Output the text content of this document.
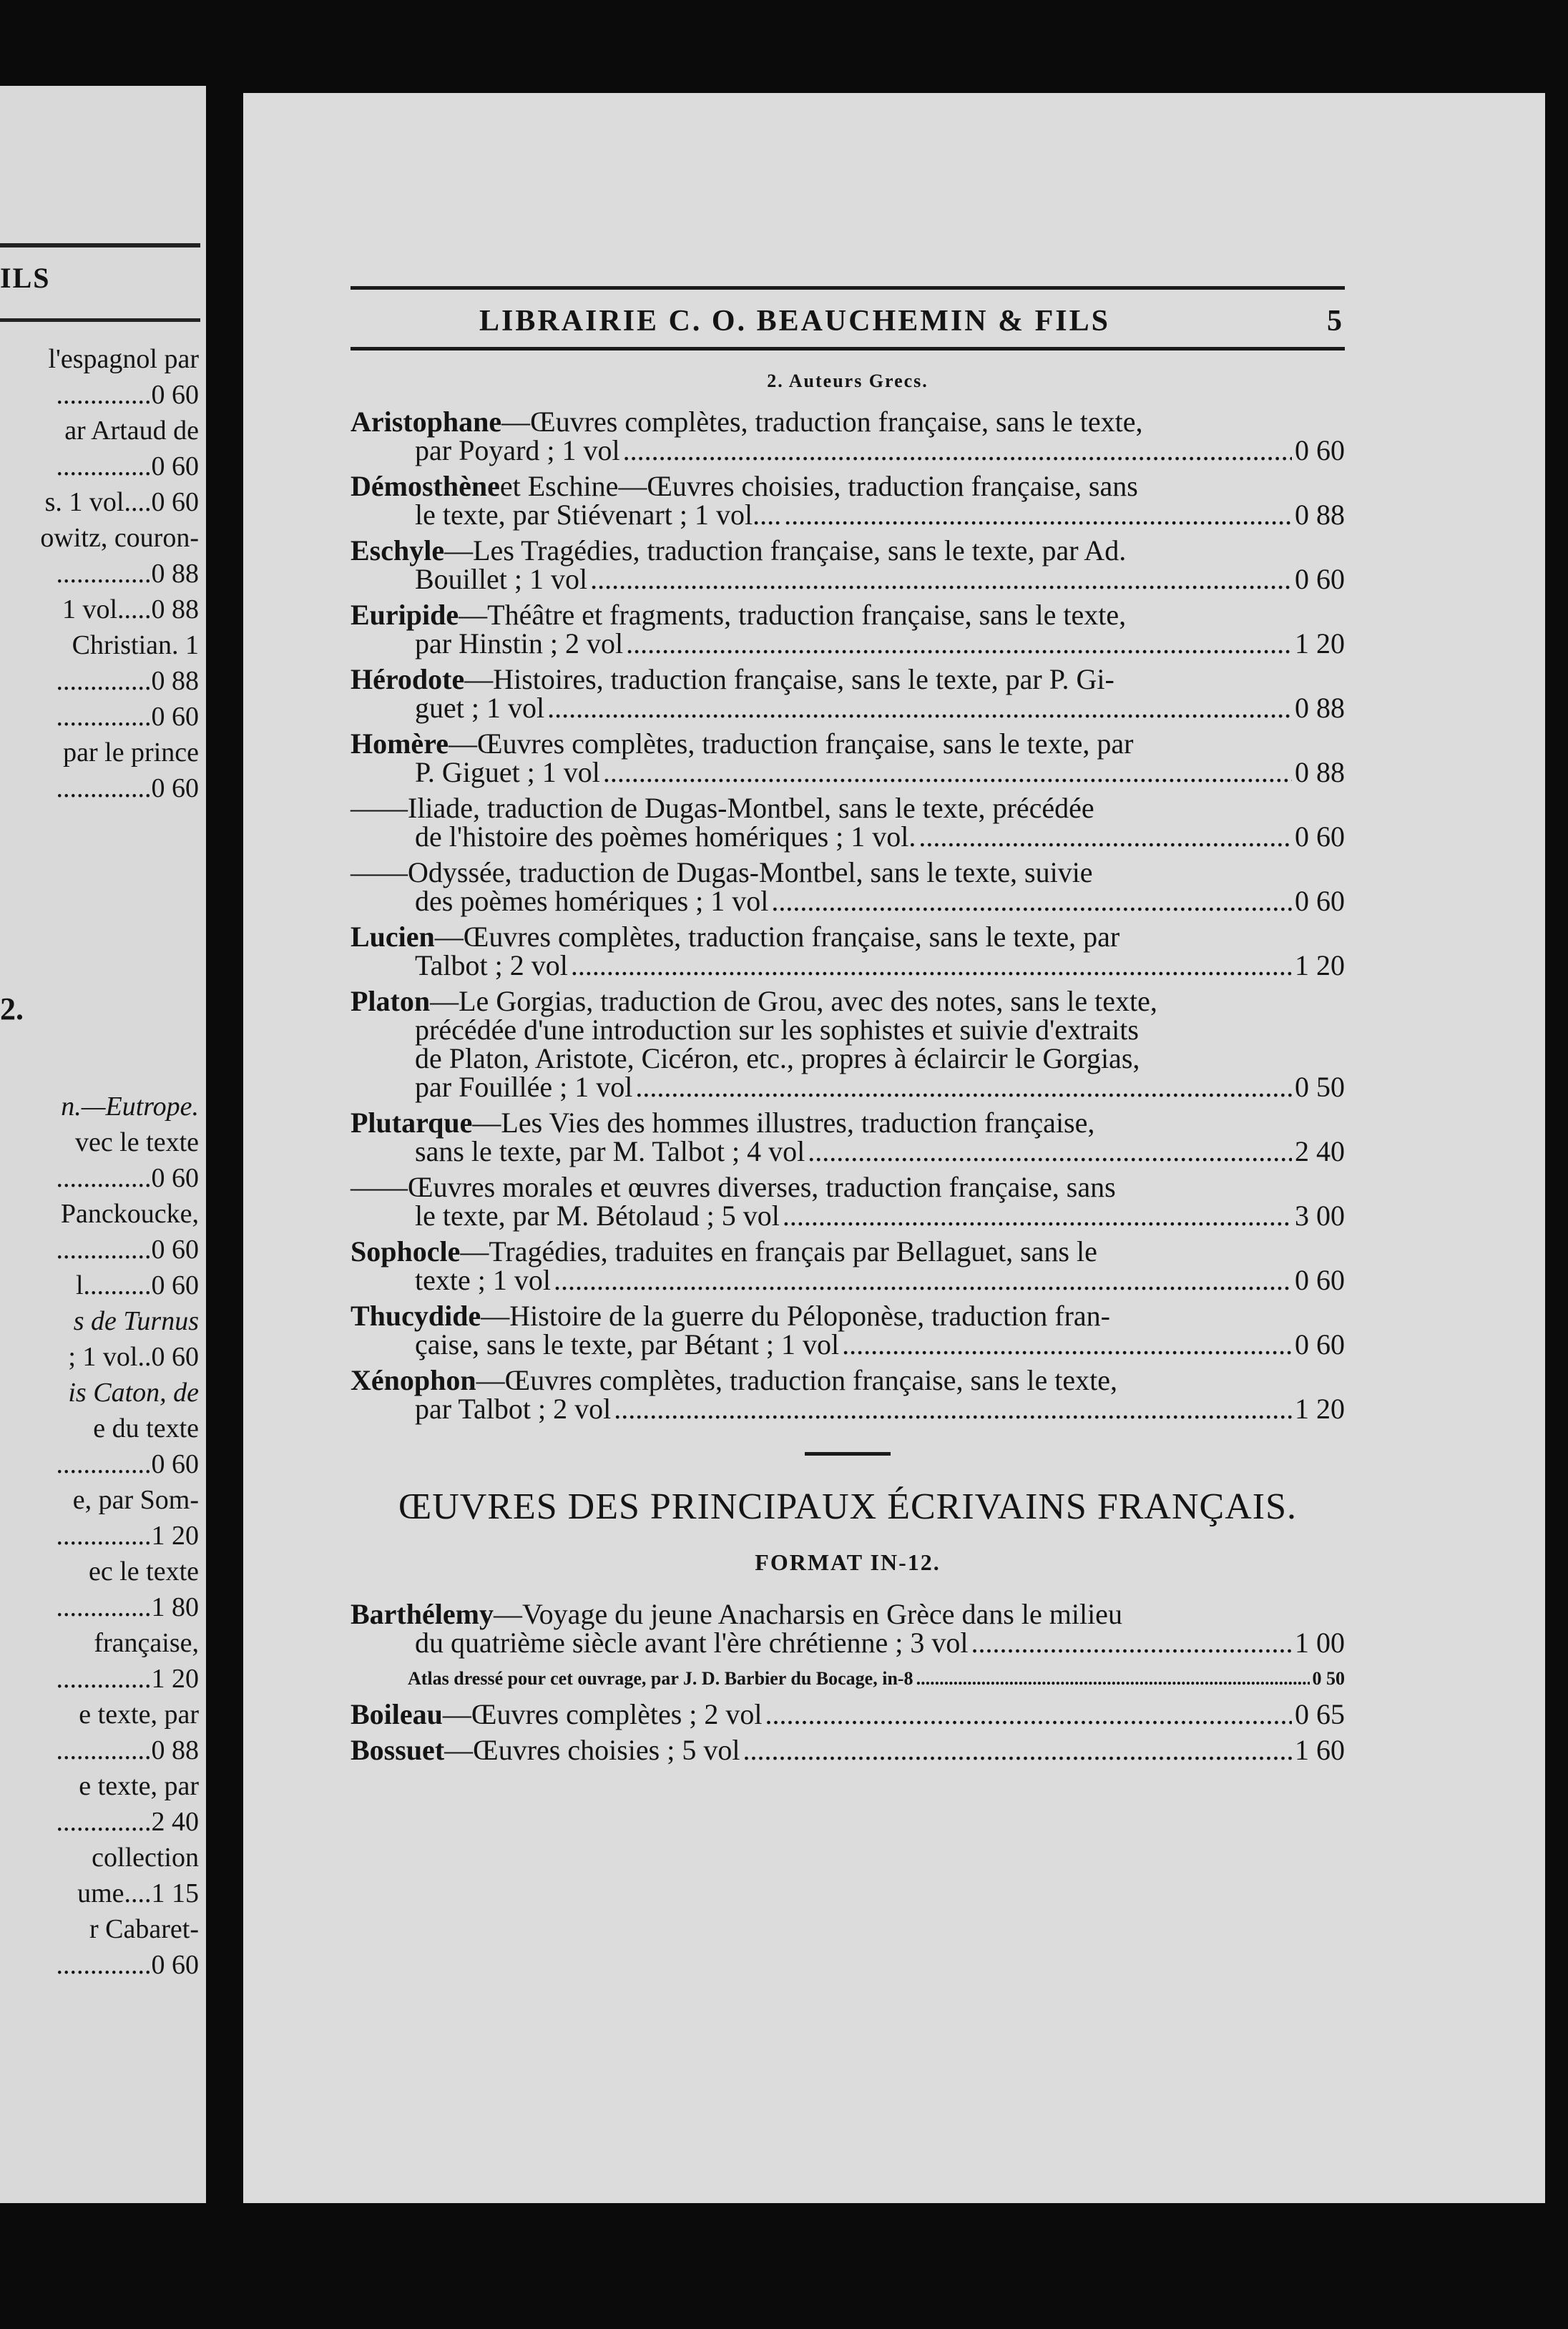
ILS
l'espagnol par
..............0 60
ar Artaud de
..............0 60
s. 1 vol....0 60
owitz, couron-
..............0 88
1 vol.....0 88
Christian. 1
..............0 88
..............0 60
par le prince
..............0 60
2.
n.—Eutrope.
vec le texte
..............0 60
Panckoucke,
..............0 60
l..........0 60
s de Turnus
; 1 vol..0 60
is Caton, de
e du texte
..............0 60
e, par Som-
..............1 20
ec le texte
..............1 80
française,
..............1 20
e texte, par
..............0 88
e texte, par
..............2 40
collection
ume....1 15
r Cabaret-
..............0 60
LIBRAIRIE C. O. BEAUCHEMIN & FILS	5
2. Auteurs Grecs.
Aristophane —Œuvres complètes, traduction française, sans le texte,
par Poyard ; 1 vol .....	0 60
Démosthène et Eschine—Œuvres choisies, traduction française, sans
le texte, par Stiévenart ; 1 vol.... .....	0 88
Eschyle —Les Tragédies, traduction française, sans le texte, par Ad.
Bouillet ; 1 vol .....	0 60
Euripide —Théâtre et fragments, traduction française, sans le texte,
par Hinstin ; 2 vol .....	1 20
Hérodote —Histoires, traduction française, sans le texte, par P. Gi-
guet ; 1 vol .....	0 88
Homère —Œuvres complètes, traduction française, sans le texte, par
P. Giguet ; 1 vol .....	0 88
——Iliade, traduction de Dugas-Montbel, sans le texte, précédée
de l'histoire des poèmes homériques ; 1 vol. .....	0 60
——Odyssée, traduction de Dugas-Montbel, sans le texte, suivie
des poèmes homériques ; 1 vol .....	0 60
Lucien —Œuvres complètes, traduction française, sans le texte, par
Talbot ; 2 vol .....	1 20
Platon —Le Gorgias, traduction de Grou, avec des notes, sans le texte,
précédée d'une introduction sur les sophistes et suivie d'extraits
de Platon, Aristote, Cicéron, etc., propres à éclaircir le Gorgias,
par Fouillée ; 1 vol .....	0 50
Plutarque —Les Vies des hommes illustres, traduction française,
sans le texte, par M. Talbot ; 4 vol .....	2 40
——Œuvres morales et œuvres diverses, traduction française, sans
le texte, par M. Bétolaud ; 5 vol .....	3 00
Sophocle —Tragédies, traduites en français par Bellaguet, sans le
texte ; 1 vol .....	0 60
Thucydide —Histoire de la guerre du Péloponèse, traduction fran-
çaise, sans le texte, par Bétant ; 1 vol .....	0 60
Xénophon —Œuvres complètes, traduction française, sans le texte,
par Talbot ; 2 vol .....	1 20
ŒUVRES DES PRINCIPAUX ÉCRIVAINS FRANÇAIS.
FORMAT IN-12.
Barthélemy —Voyage du jeune Anacharsis en Grèce dans le milieu
du quatrième siècle avant l'ère chrétienne ; 3 vol .....	1 00
Atlas dressé pour cet ouvrage, par J. D. Barbier du Bocage, in-8 .....	0 50
Boileau —Œuvres complètes ; 2 vol .....	0 65
Bossuet —Œuvres choisies ; 5 vol .....	1 60
